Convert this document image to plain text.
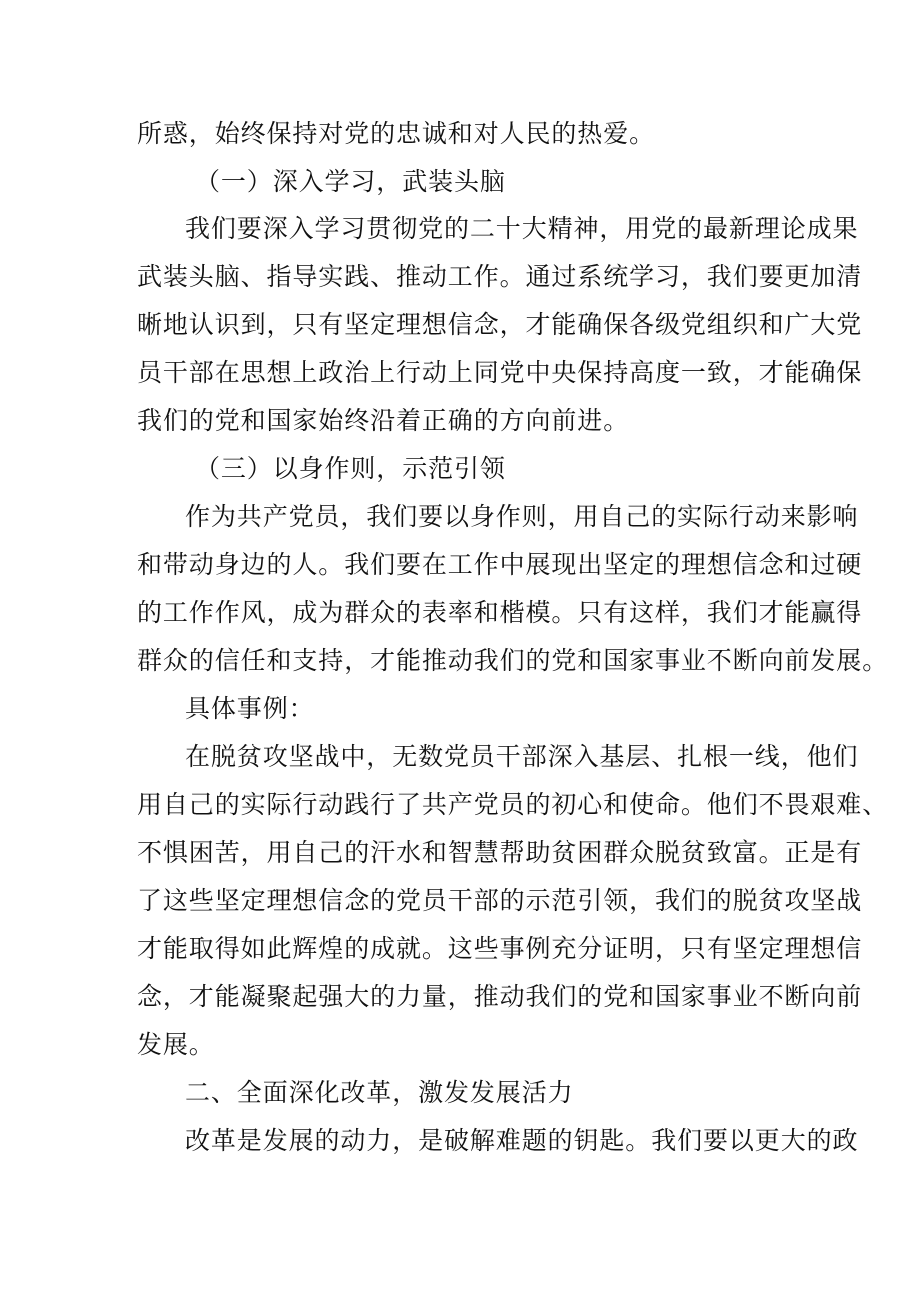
所惑，始终保持对党的忠诚和对人民的热爱。
（一）深入学习，武装头脑
我们要深入学习贯彻党的二十大精神，用党的最新理论成果
武装头脑、指导实践、推动工作。通过系统学习，我们要更加清
晰地认识到，只有坚定理想信念，才能确保各级党组织和广大党
员干部在思想上政治上行动上同党中央保持高度一致，才能确保
我们的党和国家始终沿着正确的方向前进。
（三）以身作则，示范引领
作为共产党员，我们要以身作则，用自己的实际行动来影响
和带动身边的人。我们要在工作中展现出坚定的理想信念和过硬
的工作作风，成为群众的表率和楷模。只有这样，我们才能赢得
群众的信任和支持，才能推动我们的党和国家事业不断向前发展。
具体事例：
在脱贫攻坚战中，无数党员干部深入基层、扎根一线，他们
用自己的实际行动践行了共产党员的初心和使命。他们不畏艰难、
不惧困苦，用自己的汗水和智慧帮助贫困群众脱贫致富。正是有
了这些坚定理想信念的党员干部的示范引领，我们的脱贫攻坚战
才能取得如此辉煌的成就。这些事例充分证明，只有坚定理想信
念，才能凝聚起强大的力量，推动我们的党和国家事业不断向前
发展。
二、全面深化改革，激发发展活力
改革是发展的动力，是破解难题的钥匙。我们要以更大的政
